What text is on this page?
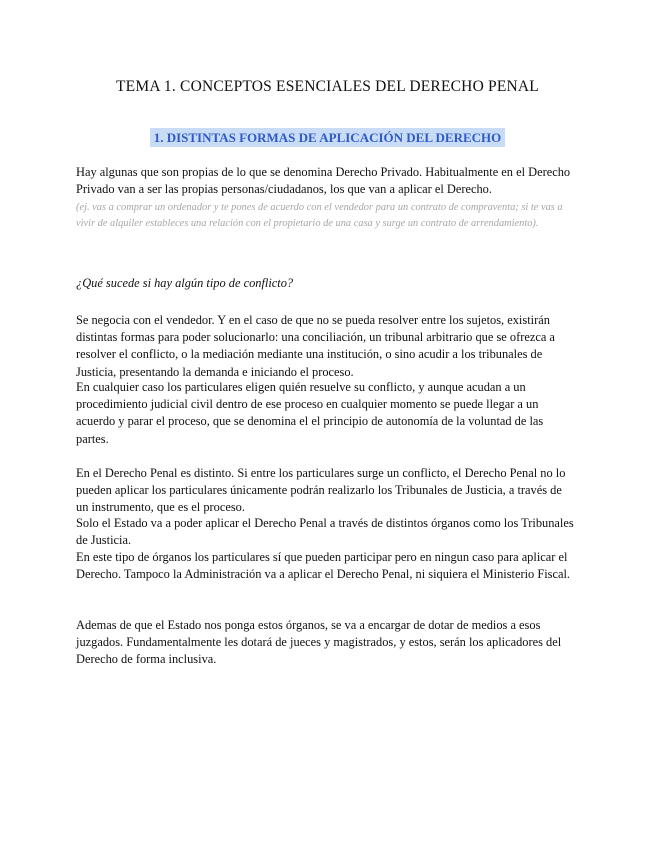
TEMA 1. CONCEPTOS ESENCIALES DEL DERECHO PENAL
1. DISTINTAS FORMAS DE APLICACIÓN DEL DERECHO

Hay algunas que son propias de lo que se denomina Derecho Privado. Habitualmente en el Derecho Privado van a ser las propias personas/ciudadanos, los que van a aplicar el Derecho.

(ej. vas a comprar un ordenador y te pones de acuerdo con el vendedor para un contrato de compraventa; si te vas a vivir de alquiler estableces una relación con el propietario de una casa y surge un contrato de arrendamiento).

¿Qué sucede si hay algún tipo de conflicto?

Se negocia con el vendedor. Y en el caso de que no se pueda resolver entre los sujetos, existirán distintas formas para poder solucionarlo: una conciliación, un tribunal arbitrario que se ofrezca a resolver el conflicto, o la mediación mediante una institución, o sino acudir a los tribunales de Justicia, presentando la demanda e iniciando el proceso.

En cualquier caso los particulares eligen quién resuelve su conflicto, y aunque acudan a un procedimiento judicial civil dentro de ese proceso en cualquier momento se puede llegar a un acuerdo y parar el proceso, que se denomina el el principio de autonomía de la voluntad de las partes.

En el Derecho Penal es distinto. Si entre los particulares surge un conflicto, el Derecho Penal no lo pueden aplicar los particulares únicamente podrán realizarlo los Tribunales de Justicia, a través de un instrumento, que es el proceso.

Solo el Estado va a poder aplicar el Derecho Penal a través de distintos órganos como los Tribunales de Justicia.

En este tipo de órganos los particulares sí que pueden participar pero en ningun caso para aplicar el Derecho. Tampoco la Administración va a aplicar el Derecho Penal, ni siquiera el Ministerio Fiscal.

Ademas de que el Estado nos ponga estos órganos, se va a encargar de dotar de medios a esos juzgados. Fundamentalmente les dotará de jueces y magistrados, y estos, serán los aplicadores del Derecho de forma inclusiva.
